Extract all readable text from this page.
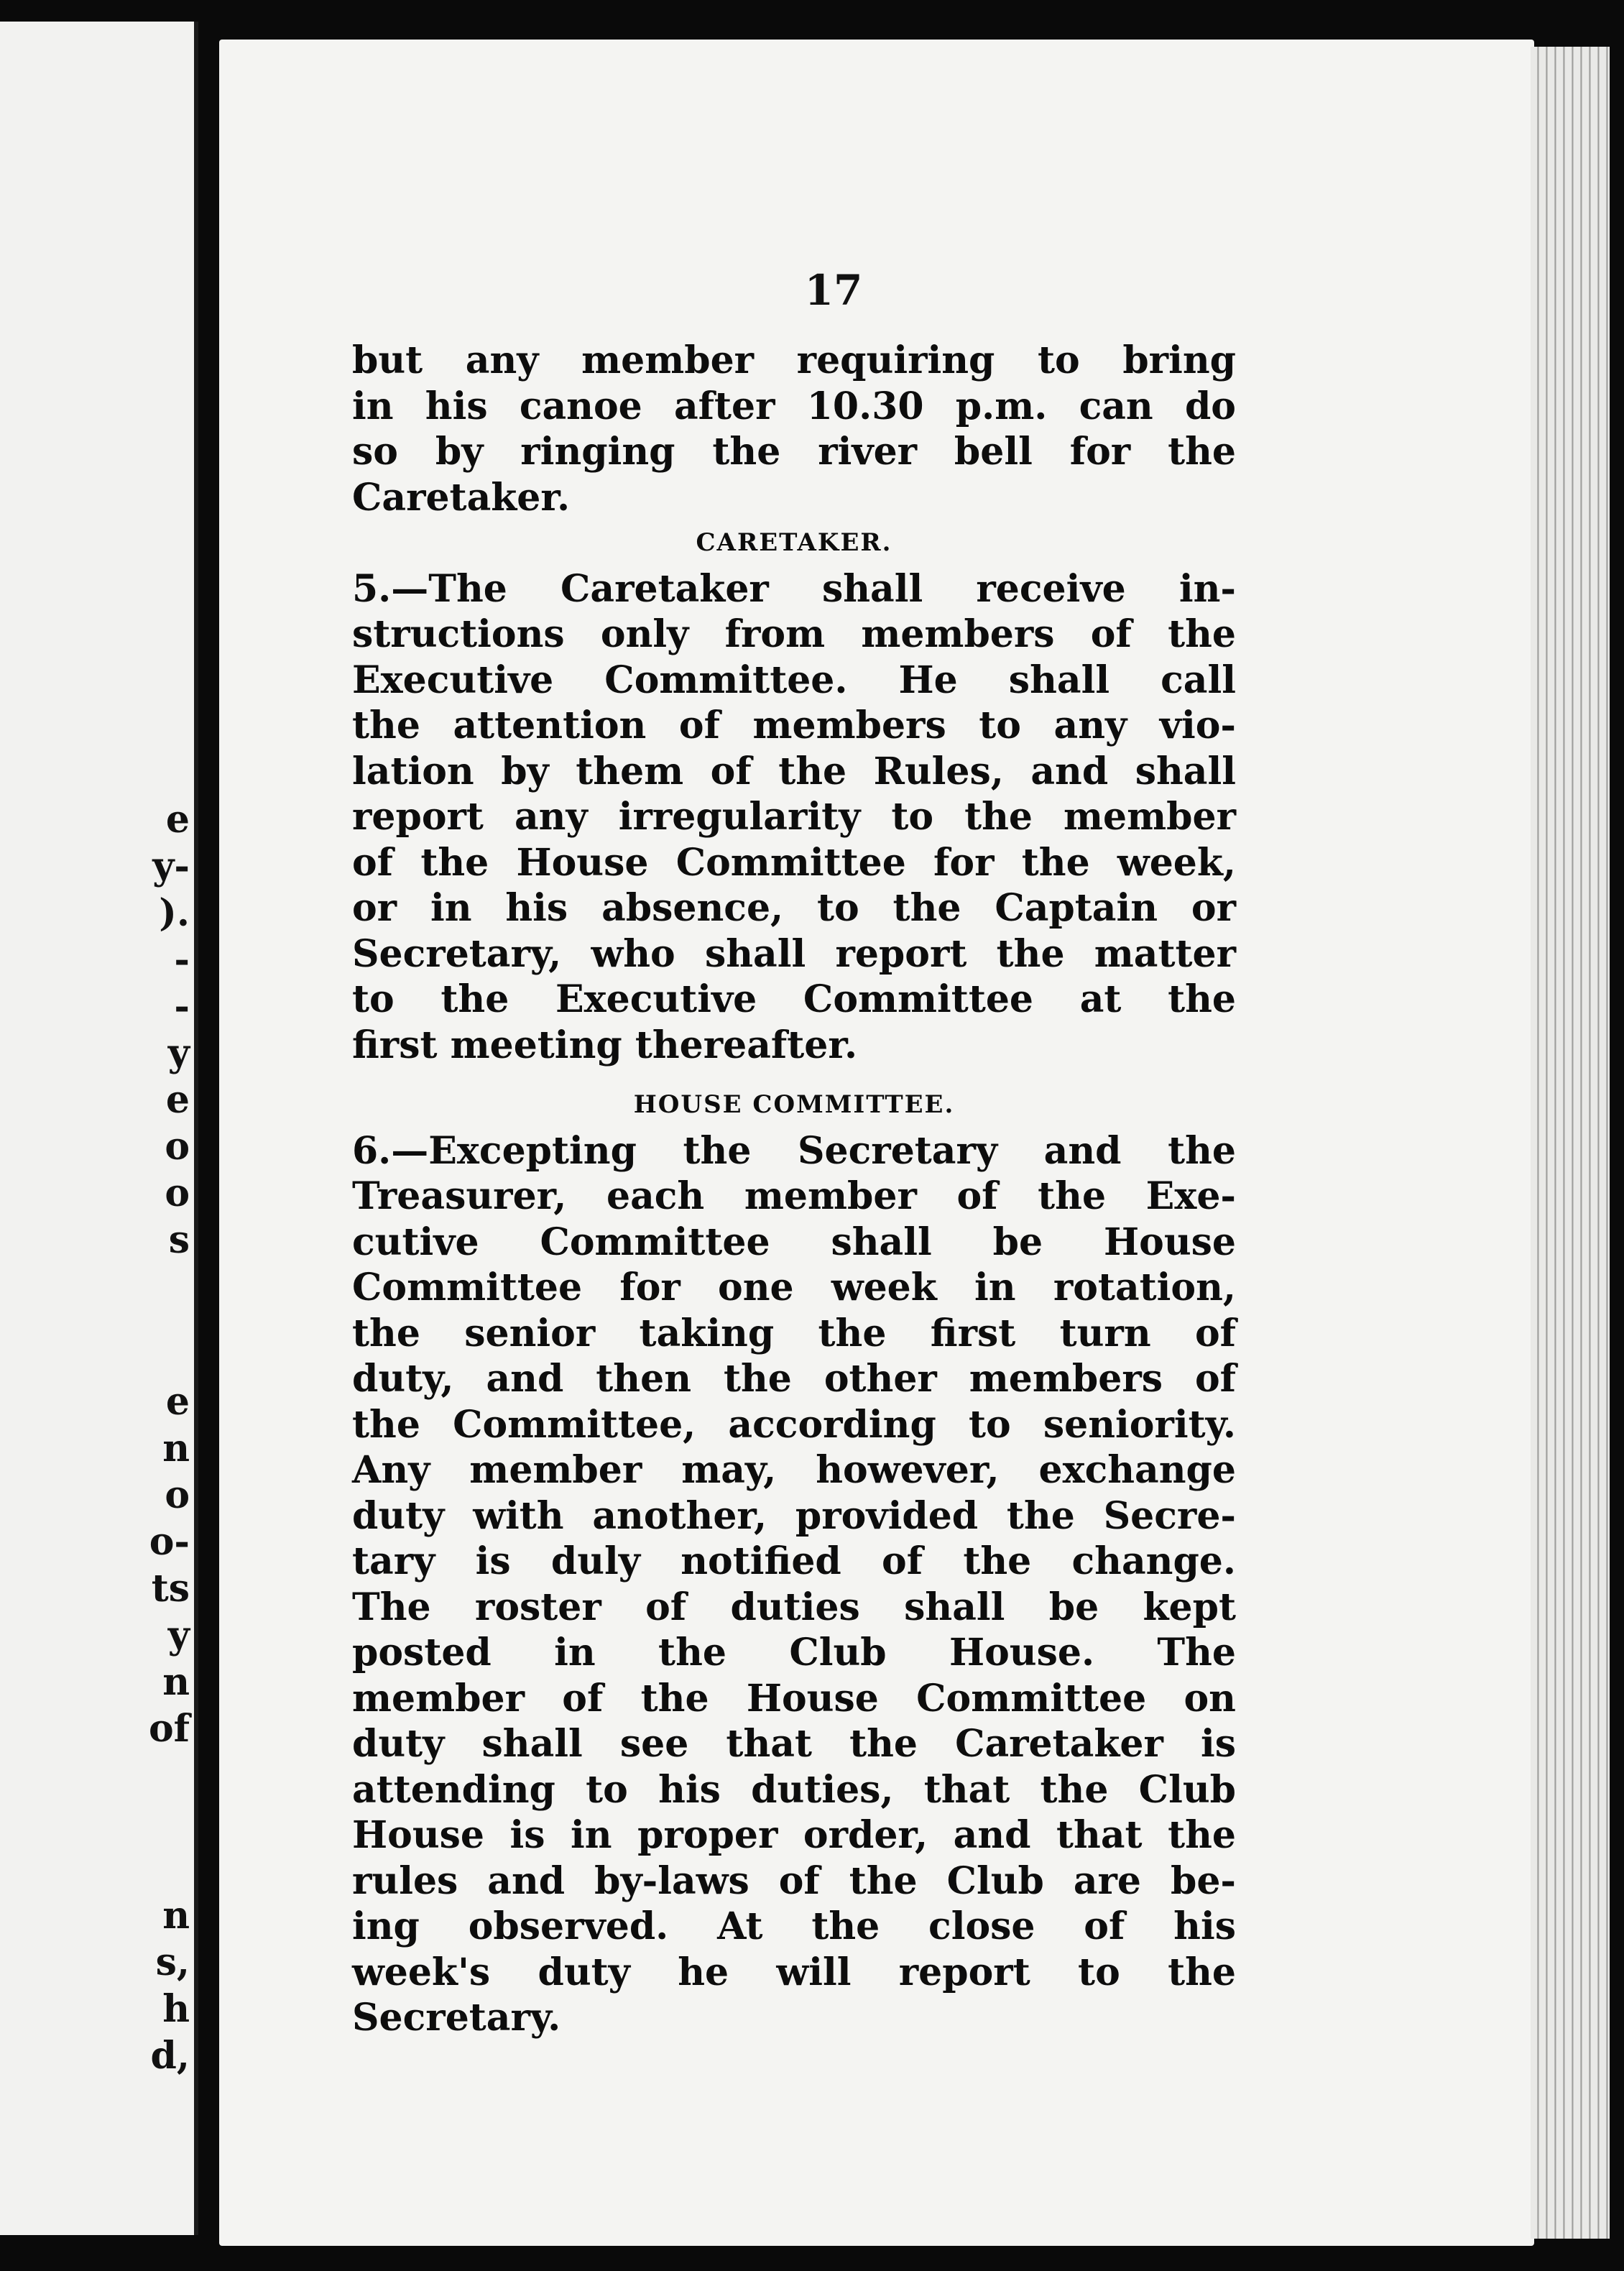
e
y-
).
-
-
y
e
o
o
s
e
n
o
o-
ts
y
n
of
n
s,
h
d,
17
but any member requiring to bring
in his canoe after 10.30 p.m. can do
so by ringing the river bell for the
Caretaker.
CARETAKER.
5.—The Caretaker shall receive in-
structions only from members of the
Executive Committee. He shall call
the attention of members to any vio-
lation by them of the Rules, and shall
report any irregularity to the member
of the House Committee for the week,
or in his absence, to the Captain or
Secretary, who shall report the matter
to the Executive Committee at the
first meeting thereafter.
HOUSE COMMITTEE.
6.—Excepting the Secretary and the
Treasurer, each member of the Exe-
cutive Committee shall be House
Committee for one week in rotation,
the senior taking the first turn of
duty, and then the other members of
the Committee, according to seniority.
Any member may, however, exchange
duty with another, provided the Secre-
tary is duly notified of the change.
The roster of duties shall be kept
posted in the Club House. The
member of the House Committee on
duty shall see that the Caretaker is
attending to his duties, that the Club
House is in proper order, and that the
rules and by-laws of the Club are be-
ing observed. At the close of his
week's duty he will report to the
Secretary.
